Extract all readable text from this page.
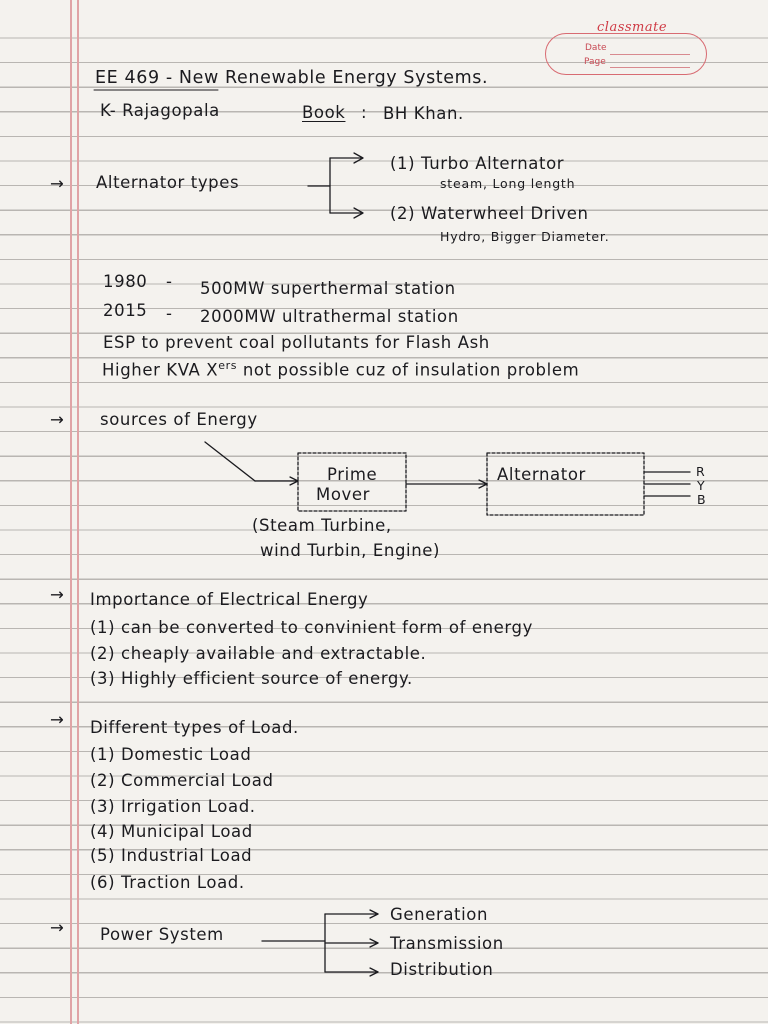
classmate
Date
Page
EE 469 - New Renewable Energy Systems.
K- Rajagopala	Book : BH Khan.
→ Alternator types
(1) Turbo Alternator
steam, Long length
(2) Waterwheel Driven
Hydro, Bigger Diameter.
1980 - 500MW superthermal station
2015 - 2000MW ultrathermal station
ESP to prevent coal pollutants for Flash Ash
Higher KVA Xers not possible cuz of insulation problem
→ sources of Energy
Prime
Mover
Alternator	R
Y
B
(Steam Turbine,
wind Turbin, Engine)
→ Importance of Electrical Energy
(1) can be converted to convinient form of energy
(2) cheaply available and extractable.
(3) Highly efficient source of energy.
→ Different types of Load.
(1) Domestic Load
(2) Commercial Load
(3) Irrigation Load.
(4) Municipal Load
(5) Industrial Load
(6) Traction Load.
→ Power System
Generation
Transmission
Distribution
